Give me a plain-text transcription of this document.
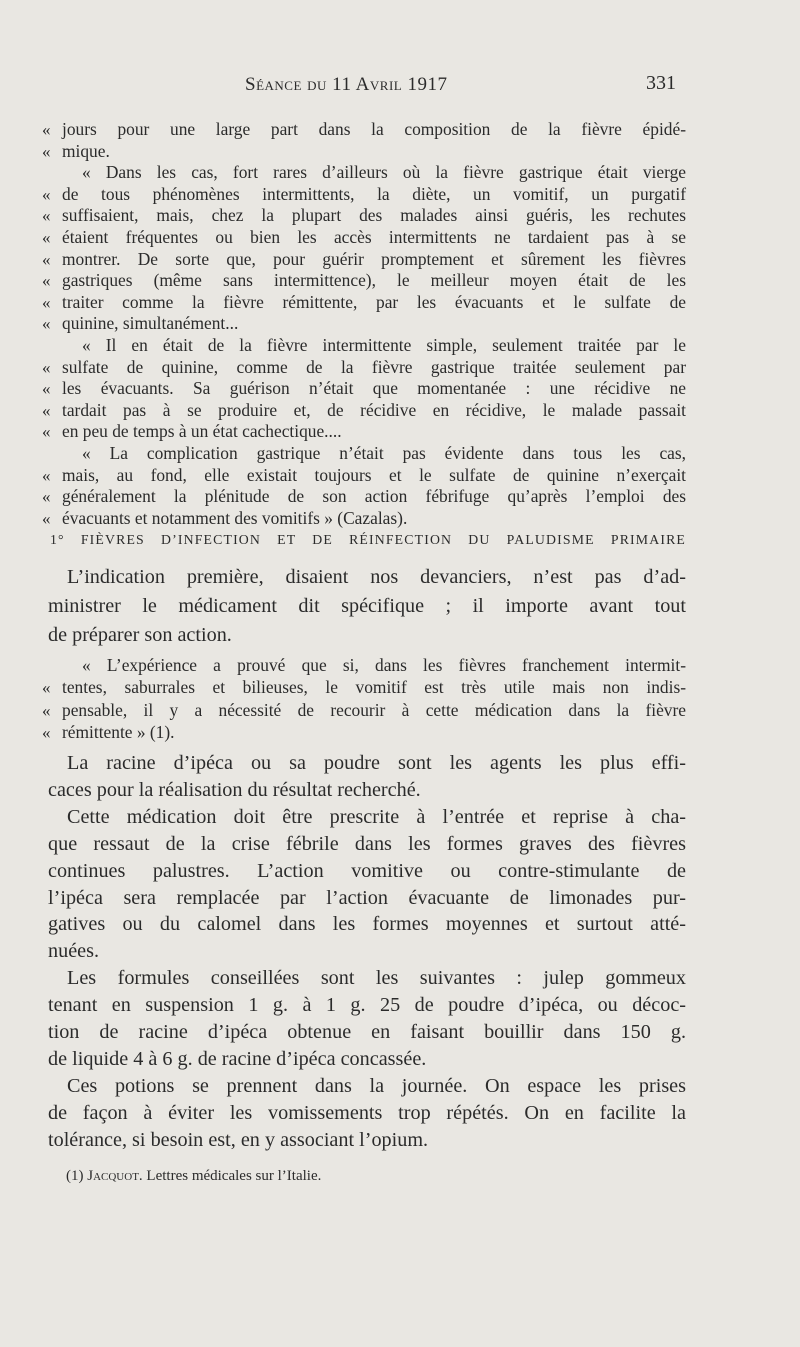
Séance du 11 Avril 1917	331
« jours pour une large part dans la composition de la fièvre épidé-
« mique.
« Dans les cas, fort rares d’ailleurs où la fièvre gastrique était vierge
« de tous phénomènes intermittents, la diète, un vomitif, un purgatif
« suffisaient, mais, chez la plupart des malades ainsi guéris, les rechutes
« étaient fréquentes ou bien les accès intermittents ne tardaient pas à se
« montrer. De sorte que, pour guérir promptement et sûrement les fièvres
« gastriques (même sans intermittence), le meilleur moyen était de les
« traiter comme la fièvre rémittente, par les évacuants et le sulfate de
« quinine, simultanément...
« Il en était de la fièvre intermittente simple, seulement traitée par le
« sulfate de quinine, comme de la fièvre gastrique traitée seulement par
« les évacuants. Sa guérison n’était que momentanée : une récidive ne
« tardait pas à se produire et, de récidive en récidive, le malade passait
« en peu de temps à un état cachectique....
« La complication gastrique n’était pas évidente dans tous les cas,
« mais, au fond, elle existait toujours et le sulfate de quinine n’exerçait
« généralement la plénitude de son action fébrifuge qu’après l’emploi des
« évacuants et notamment des vomitifs » (Cazalas).
1° FIÈVRES D’INFECTION ET DE RÉINFECTION DU PALUDISME PRIMAIRE
L’indication première, disaient nos devanciers, n’est pas d’ad-
ministrer le médicament dit spécifique ; il importe avant tout
de préparer son action.
« L’expérience a prouvé que si, dans les fièvres franchement intermit-
« tentes, saburrales et bilieuses, le vomitif est très utile mais non indis-
« pensable, il y a nécessité de recourir à cette médication dans la fièvre
« rémittente » (1).
La racine d’ipéca ou sa poudre sont les agents les plus effi-
caces pour la réalisation du résultat recherché.
Cette médication doit être prescrite à l’entrée et reprise à cha-
que ressaut de la crise fébrile dans les formes graves des fièvres
continues palustres. L’action vomitive ou contre-stimulante de
l’ipéca sera remplacée par l’action évacuante de limonades pur-
gatives ou du calomel dans les formes moyennes et surtout atté-
nuées.
Les formules conseillées sont les suivantes : julep gommeux
tenant en suspension 1 g. à 1 g. 25 de poudre d’ipéca, ou décoc-
tion de racine d’ipéca obtenue en faisant bouillir dans 150 g.
de liquide 4 à 6 g. de racine d’ipéca concassée.
Ces potions se prennent dans la journée. On espace les prises
de façon à éviter les vomissements trop répétés. On en facilite la
tolérance, si besoin est, en y associant l’opium.
(1) Jacquot. Lettres médicales sur l’Italie.
